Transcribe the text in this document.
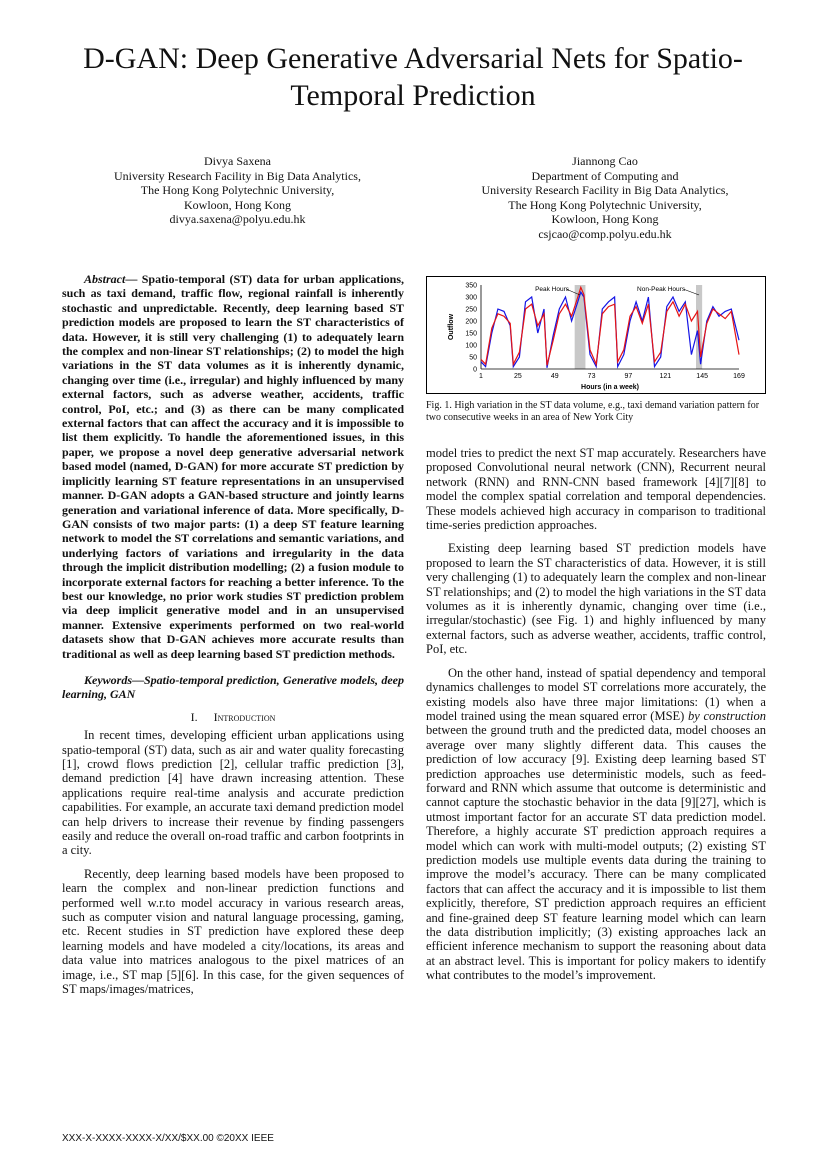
D-GAN: Deep Generative Adversarial Nets for Spatio-Temporal Prediction
Divya Saxena
University Research Facility in Big Data Analytics,
The Hong Kong Polytechnic University,
Kowloon, Hong Kong
divya.saxena@polyu.edu.hk
Jiannong Cao
Department of Computing and
University Research Facility in Big Data Analytics,
The Hong Kong Polytechnic University,
Kowloon, Hong Kong
csjcao@comp.polyu.edu.hk

Abstract— Spatio-temporal (ST) data for urban applications, such as taxi demand, traffic flow, regional rainfall is inherently stochastic and unpredictable. Recently, deep learning based ST prediction models are proposed to learn the ST characteristics of data. However, it is still very challenging (1) to adequately learn the complex and non-linear ST relationships; (2) to model the high variations in the ST data volumes as it is inherently dynamic, changing over time (i.e., irregular) and highly influenced by many external factors, such as adverse weather, accidents, traffic control, PoI, etc.; and (3) as there can be many complicated external factors that can affect the accuracy and it is impossible to list them explicitly. To handle the aforementioned issues, in this paper, we propose a novel deep generative adversarial network based model (named, D-GAN) for more accurate ST prediction by implicitly learning ST feature representations in an unsupervised manner. D-GAN adopts a GAN-based structure and jointly learns generation and variational inference of data. More specifically, D-GAN consists of two major parts: (1) a deep ST feature learning network to model the ST correlations and semantic variations, and underlying factors of variations and irregularity in the data through the implicit distribution modelling; (2) a fusion module to incorporate external factors for reaching a better inference. To the best our knowledge, no prior work studies ST prediction problem via deep implicit generative model and in an unsupervised manner. Extensive experiments performed on two real-world datasets show that D-GAN achieves more accurate results than traditional as well as deep learning based ST prediction methods.

Keywords—Spatio-temporal prediction, Generative models, deep learning, GAN

I. Introduction

In recent times, developing efficient urban applications using spatio-temporal (ST) data, such as air and water quality forecasting [1], crowd flows prediction [2], cellular traffic prediction [3], demand prediction [4] have drawn increasing attention. These applications require real-time analysis and accurate prediction capabilities. For example, an accurate taxi demand prediction model can help drivers to increase their revenue by finding passengers easily and reduce the overall on-road traffic and carbon footprints in a city.

Recently, deep learning based models have been proposed to learn the complex and non-linear prediction functions and performed well w.r.to model accuracy in various research areas, such as computer vision and natural language processing, gaming, etc. Recent studies in ST prediction have explored these deep learning models and have modeled a city/locations, its areas and data value into matrices analogous to the pixel matrices of an image, i.e., ST map [5][6]. In this case, for the given sequences of ST maps/images/matrices,

0
50
100
150
200
250
300
350
1	25	49	73	97	121	145	169
Hours (in a week)
Outflow
Peak Hours	Non-Peak Hours
Fig. 1. High variation in the ST data volume, e.g., taxi demand variation pattern for two consecutive weeks in an area of New York City

model tries to predict the next ST map accurately. Researchers have proposed Convolutional neural network (CNN), Recurrent neural network (RNN) and RNN-CNN based framework [4][7][8] to model the complex spatial correlation and temporal dependencies. These models achieved high accuracy in comparison to traditional time-series prediction approaches.

Existing deep learning based ST prediction models have proposed to learn the ST characteristics of data. However, it is still very challenging (1) to adequately learn the complex and non-linear ST relationships; and (2) to model the high variations in the ST data volumes as it is inherently dynamic, changing over time (i.e., irregular/stochastic) (see Fig. 1) and highly influenced by many external factors, such as adverse weather, accidents, traffic control, PoI, etc.

On the other hand, instead of spatial dependency and temporal dynamics challenges to model ST correlations more accurately, the existing models also have three major limitations: (1) when a model trained using the mean squared error (MSE) by construction between the ground truth and the predicted data, model chooses an average over many slightly different data. This causes the prediction of low accuracy [9]. Existing deep learning based ST prediction approaches use deterministic models, such as feed-forward and RNN which assume that outcome is deterministic and cannot capture the stochastic behavior in the data [9][27], which is utmost important factor for an accurate ST data prediction model. Therefore, a highly accurate ST prediction approach requires a model which can work with multi-model outputs; (2) existing ST prediction models use multiple events data during the training to improve the model’s accuracy. There can be many complicated factors that can affect the accuracy and it is impossible to list them explicitly, therefore, ST prediction approach requires an efficient and fine-grained deep ST feature learning model which can learn the data distribution implicitly; (3) existing approaches lack an efficient inference mechanism to support the reasoning about data at an abstract level. This is important for policy makers to identify what contributes to the model’s improvement.

XXX-X-XXXX-XXXX-X/XX/$XX.00 ©20XX IEEE
